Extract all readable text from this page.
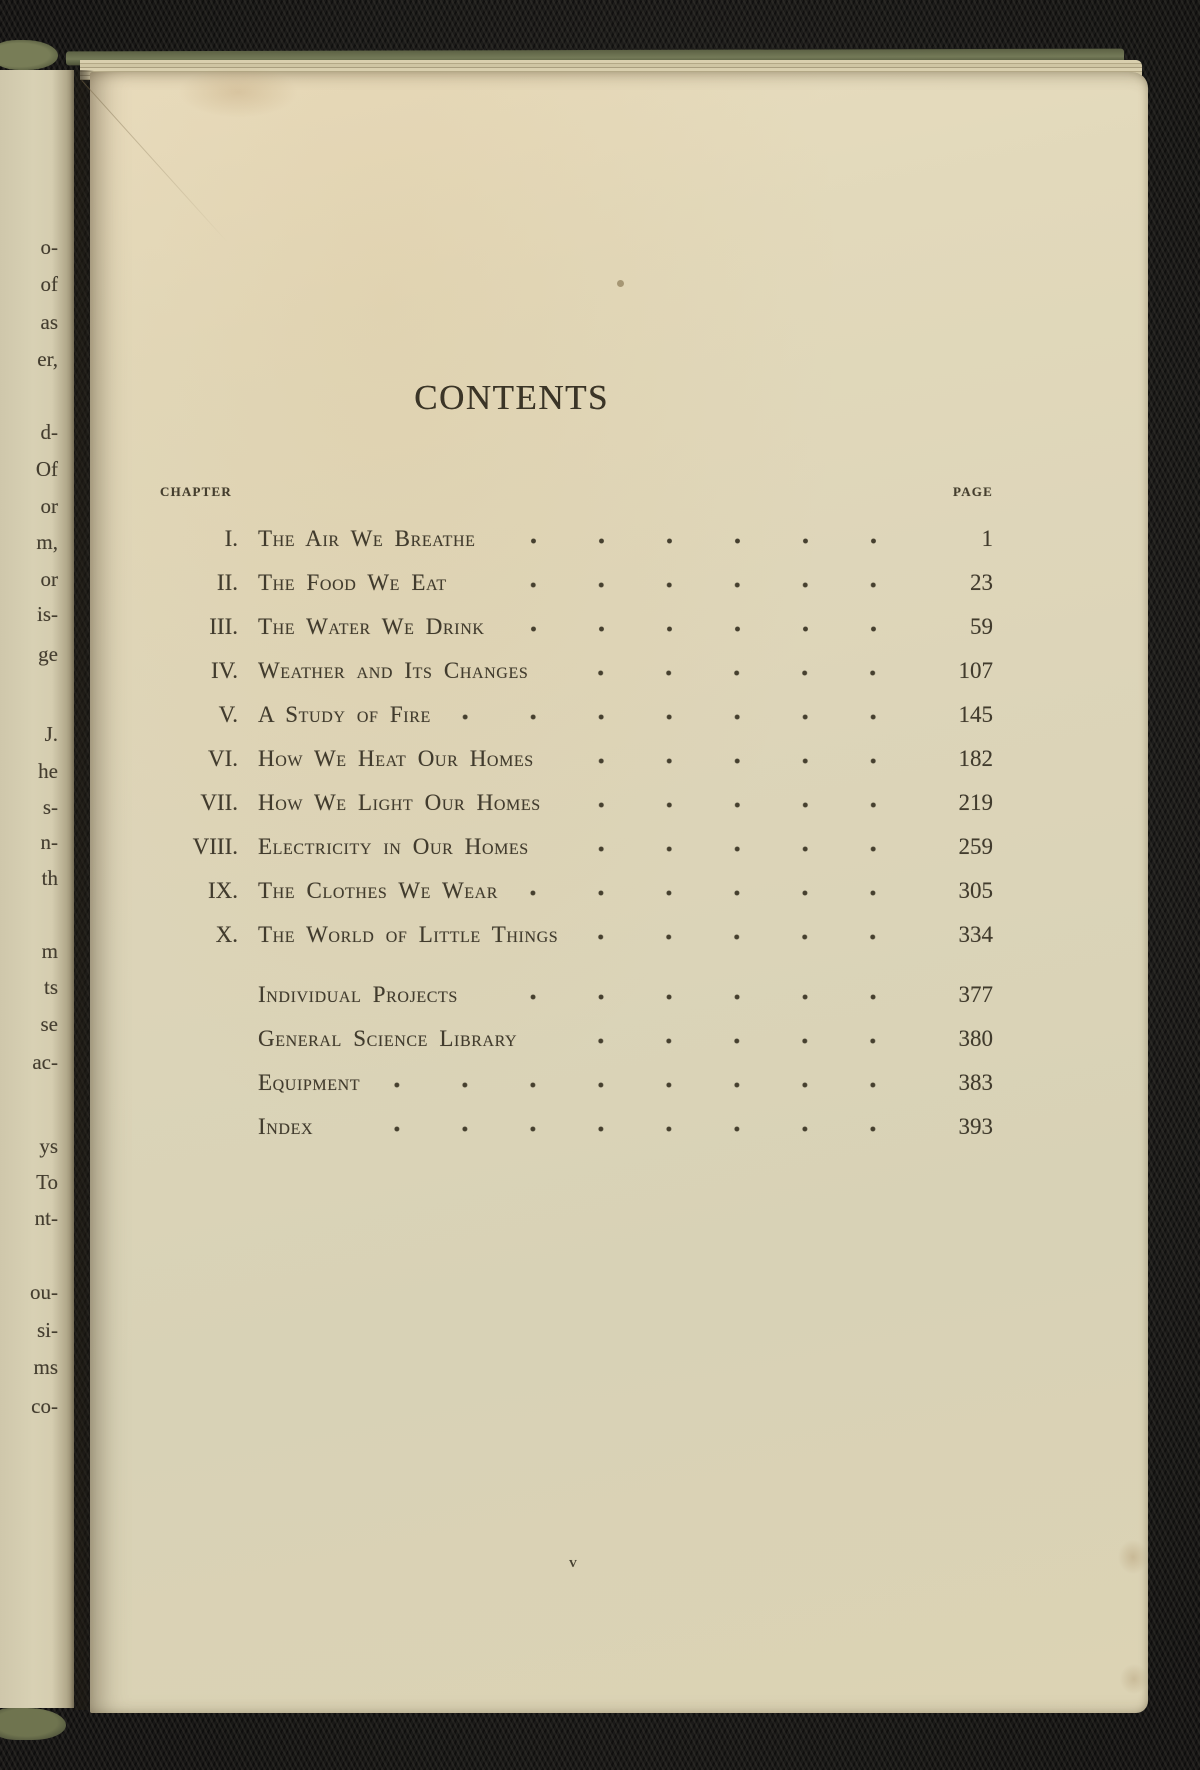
o-
of
as
er,
d-
Of
or
m,
or
is-
ge
J.
he
s-
n-
th
m
ts
se
ac-
ys
To
nt-
ou-
si-
ms
co-
CONTENTS
CHAPTER	PAGE
I. The Air We Breathe	1
II. The Food We Eat	23
III. The Water We Drink	59
IV. Weather and Its Changes	107
V. A Study of Fire	145
VI. How We Heat Our Homes	182
VII. How We Light Our Homes	219
VIII. Electricity in Our Homes	259
IX. The Clothes We Wear	305
X. The World of Little Things	334
Individual Projects	377
General Science Library	380
Equipment	383
Index	393
v
